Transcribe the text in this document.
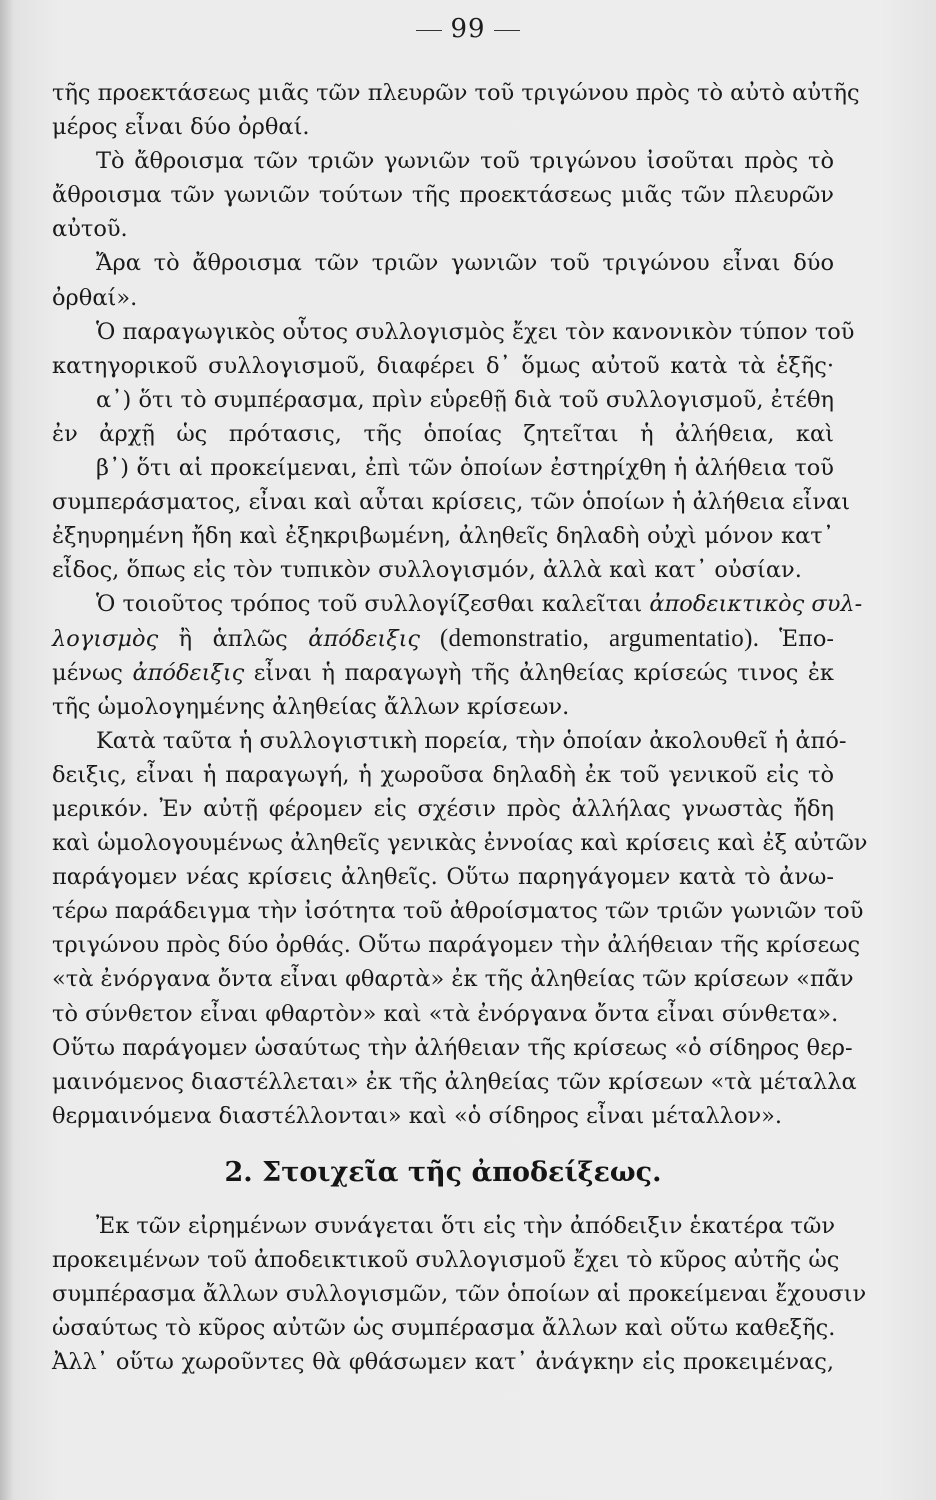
99
τῆς προεκτάσεως μιᾶς τῶν πλευρῶν τοῦ τριγώνου πρὸς τὸ αὐτὸ αὐτῆς
μέρος εἶναι δύο ὀρθαί.
Τὸ ἄθροισμα τῶν τριῶν γωνιῶν τοῦ τριγώνου ἰσοῦται πρὸς τὸ
ἄθροισμα τῶν γωνιῶν τούτων τῆς προεκτάσεως μιᾶς τῶν πλευρῶν
αὐτοῦ.
Ἄρα τὸ ἄθροισμα τῶν τριῶν γωνιῶν τοῦ τριγώνου εἶναι δύο
ὀρθαί».
Ὁ παραγωγικὸς οὗτος συλλογισμὸς ἔχει τὸν κανονικὸν τύπον τοῦ
κατηγορικοῦ συλλογισμοῦ, διαφέρει δ᾽ ὅμως αὐτοῦ κατὰ τὰ ἑξῆς·
α᾽) ὅτι τὸ συμπέρασμα, πρὶν εὑρεθῇ διὰ τοῦ συλλογισμοῦ, ἐτέθη
ἐν ἀρχῇ ὡς πρότασις, τῆς ὁποίας ζητεῖται ἡ ἀλήθεια, καὶ
β᾽) ὅτι αἱ προκείμεναι, ἐπὶ τῶν ὁποίων ἐστηρίχθη ἡ ἀλήθεια τοῦ
συμπεράσματος, εἶναι καὶ αὗται κρίσεις, τῶν ὁποίων ἡ ἀλήθεια εἶναι
ἐξηυρημένη ἤδη καὶ ἐξηκριβωμένη, ἀληθεῖς δηλαδὴ οὐχὶ μόνον κατ᾽
εἶδος, ὅπως εἰς τὸν τυπικὸν συλλογισμόν, ἀλλὰ καὶ κατ᾽ οὐσίαν.
Ὁ τοιοῦτος τρόπος τοῦ συλλογίζεσθαι καλεῖται ἀποδεικτικὸς συλ-
λογισμὸς ἢ ἁπλῶς ἀπόδειξις (demonstratio, argumentatio). Ἑπο-
μένως ἀπόδειξις εἶναι ἡ παραγωγὴ τῆς ἀληθείας κρίσεώς τινος ἐκ
τῆς ὡμολογημένης ἀληθείας ἄλλων κρίσεων.
Κατὰ ταῦτα ἡ συλλογιστικὴ πορεία, τὴν ὁποίαν ἀκολουθεῖ ἡ ἀπό-
δειξις, εἶναι ἡ παραγωγή, ἡ χωροῦσα δηλαδὴ ἐκ τοῦ γενικοῦ εἰς τὸ
μερικόν. Ἐν αὐτῇ φέρομεν εἰς σχέσιν πρὸς ἀλλήλας γνωστὰς ἤδη
καὶ ὡμολογουμένως ἀληθεῖς γενικὰς ἐννοίας καὶ κρίσεις καὶ ἐξ αὐτῶν
παράγομεν νέας κρίσεις ἀληθεῖς. Οὕτω παρηγάγομεν κατὰ τὸ ἀνω-
τέρω παράδειγμα τὴν ἰσότητα τοῦ ἀθροίσματος τῶν τριῶν γωνιῶν τοῦ
τριγώνου πρὸς δύο ὀρθάς. Οὕτω παράγομεν τὴν ἀλήθειαν τῆς κρίσεως
«τὰ ἐνόργανα ὄντα εἶναι φθαρτὰ» ἐκ τῆς ἀληθείας τῶν κρίσεων «πᾶν
τὸ σύνθετον εἶναι φθαρτὸν» καὶ «τὰ ἐνόργανα ὄντα εἶναι σύνθετα».
Οὕτω παράγομεν ὡσαύτως τὴν ἀλήθειαν τῆς κρίσεως «ὁ σίδηρος θερ-
μαινόμενος διαστέλλεται» ἐκ τῆς ἀληθείας τῶν κρίσεων «τὰ μέταλλα
θερμαινόμενα διαστέλλονται» καὶ «ὁ σίδηρος εἶναι μέταλλον».
2. Στοιχεῖα τῆς ἀποδείξεως.
Ἐκ τῶν εἰρημένων συνάγεται ὅτι εἰς τὴν ἀπόδειξιν ἑκατέρα τῶν
προκειμένων τοῦ ἀποδεικτικοῦ συλλογισμοῦ ἔχει τὸ κῦρος αὐτῆς ὡς
συμπέρασμα ἄλλων συλλογισμῶν, τῶν ὁποίων αἱ προκείμεναι ἔχουσιν
ὡσαύτως τὸ κῦρος αὐτῶν ὡς συμπέρασμα ἄλλων καὶ οὕτω καθεξῆς.
Ἀλλ᾽ οὕτω χωροῦντες θὰ φθάσωμεν κατ᾽ ἀνάγκην εἰς προκειμένας,
